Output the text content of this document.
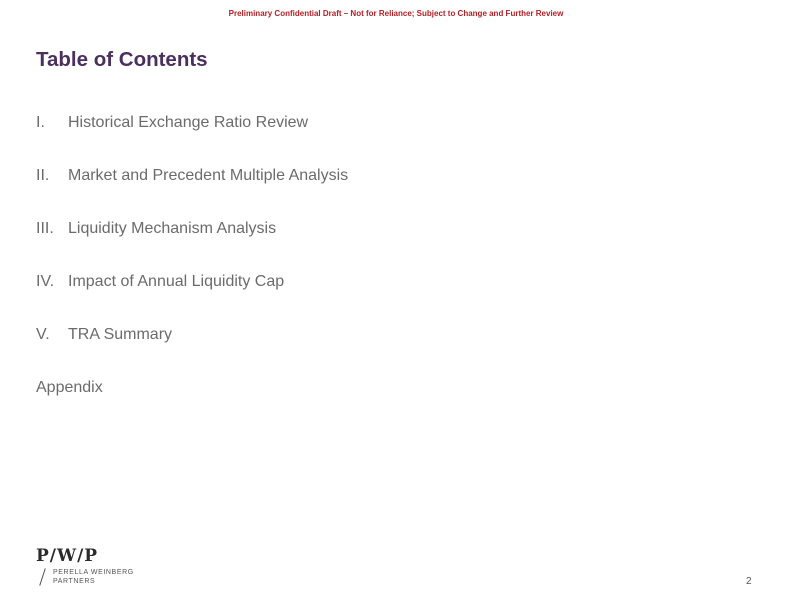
Preliminary Confidential Draft – Not for Reliance; Subject to Change and Further Review
Table of Contents
I. Historical Exchange Ratio Review
II. Market and Precedent Multiple Analysis
III. Liquidity Mechanism Analysis
IV. Impact of Annual Liquidity Cap
V. TRA Summary
Appendix
P/W/P
PERELLA WEINBERG
PARTNERS	2
